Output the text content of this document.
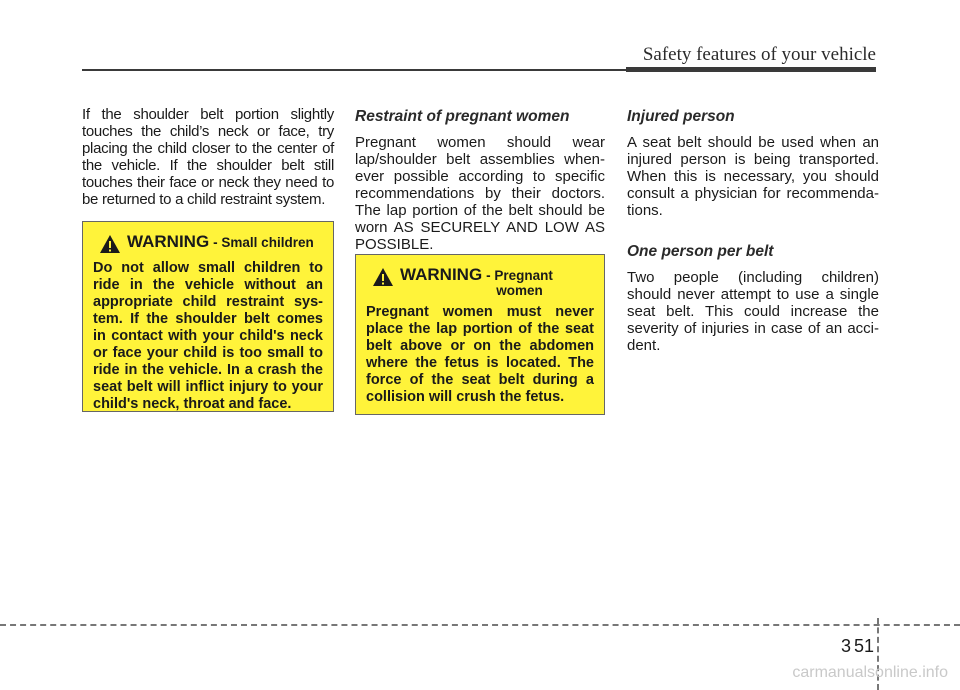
Safety features of your vehicle

If the shoulder belt portion slightly touches the child’s neck or face, try placing the child closer to the center of the vehicle. If the shoulder belt still touches their face or neck they need to be returned to a child restraint system.

WARNING - Small children

Do not allow small children to ride in the vehicle without an appropriate child restraint sys- tem. If the shoulder belt comes in contact with your child's neck or face your child is too small to ride in the vehicle. In a crash the seat belt will inflict injury to your child's neck, throat and face.

Restraint of pregnant women

Pregnant women should wear lap/shoulder belt assemblies when- ever possible according to specific recommendations by their doctors. The lap portion of the belt should be worn AS SECURELY AND LOW AS POSSIBLE.

WARNING - Pregnant
women

Pregnant women must never place the lap portion of the seat belt above or on the abdomen where the fetus is located. The force of the seat belt during a collision will crush the fetus.

Injured person

A seat belt should be used when an injured person is being transported. When this is necessary, you should consult a physician for recommenda- tions.

One person per belt

Two people (including children) should never attempt to use a single seat belt. This could increase the severity of injuries in case of an acci- dent.

3 51
carmanualsonline.info
